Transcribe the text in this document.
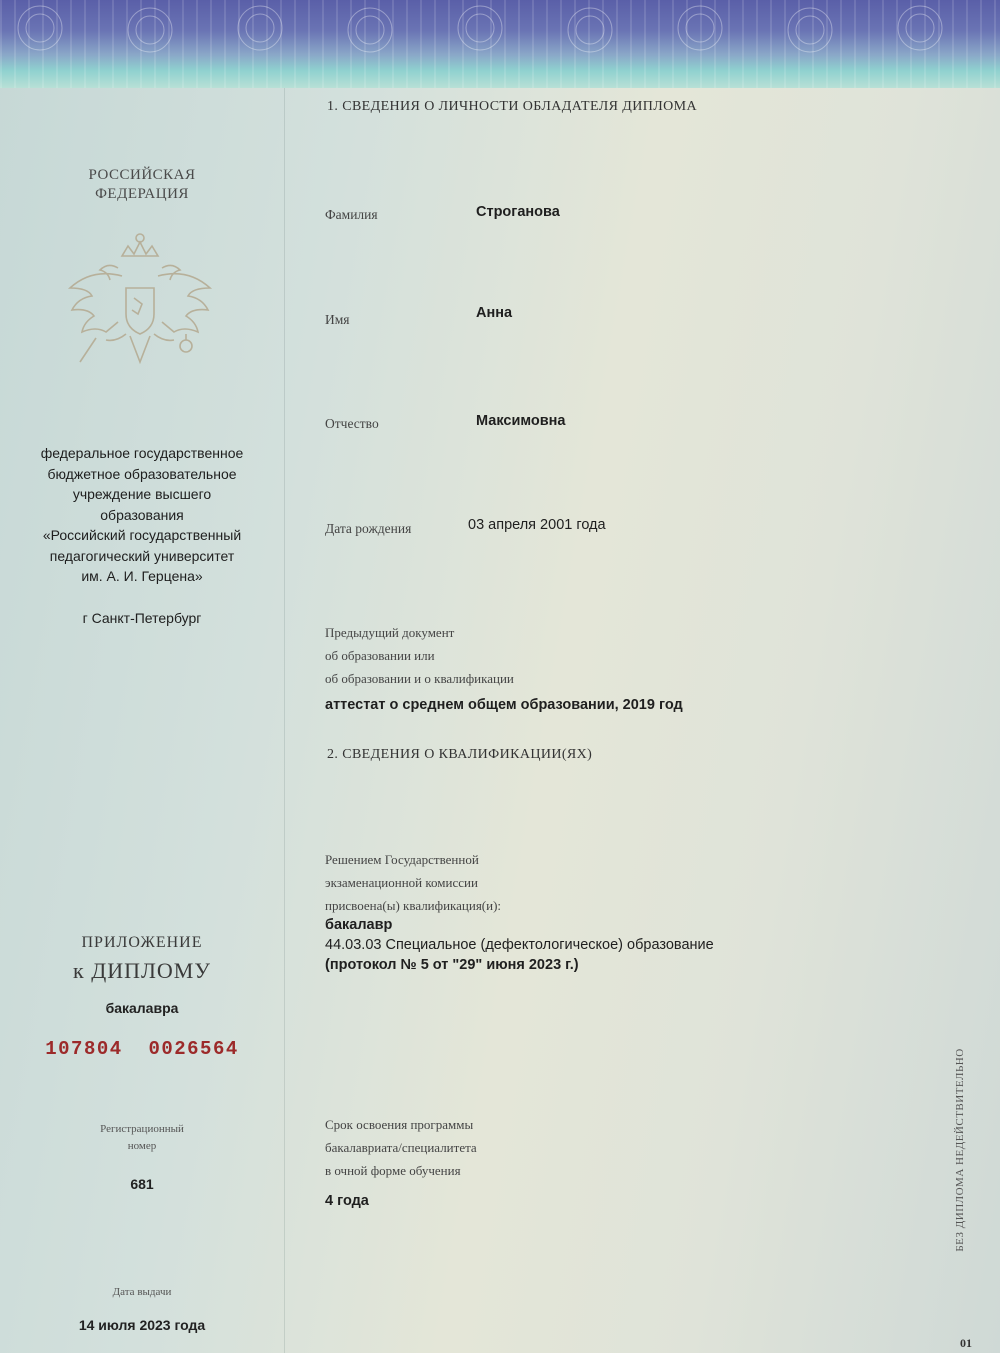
РОССИЙСКАЯ
ФЕДЕРАЦИЯ
федеральное государственное
бюджетное образовательное
учреждение высшего
образования
«Российский государственный
педагогический университет
им. А. И. Герцена»
г Санкт-Петербург
ПРИЛОЖЕНИЕ
к ДИПЛОМУ
бакалавра
107804  0026564
Регистрационный
номер
681
Дата выдачи
14 июля 2023 года
1. СВЕДЕНИЯ О ЛИЧНОСТИ ОБЛАДАТЕЛЯ ДИПЛОМА
Фамилия	Строганова
Имя	Анна
Отчество	Максимовна
Дата рождения	03 апреля 2001 года
Предыдущий документ
об образовании или
об образовании и о квалификации
аттестат о среднем общем образовании, 2019 год
2. СВЕДЕНИЯ О КВАЛИФИКАЦИИ(ЯХ)
Решением Государственной
экзаменационной комиссии
присвоена(ы) квалификация(и):
бакалавр
44.03.03 Специальное (дефектологическое) образование
(протокол № 5 от "29" июня 2023 г.)
Срок освоения программы
бакалавриата/специалитета
в очной форме обучения
4 года	БЕЗ ДИПЛОМА НЕДЕЙСТВИТЕЛЬНО
01
